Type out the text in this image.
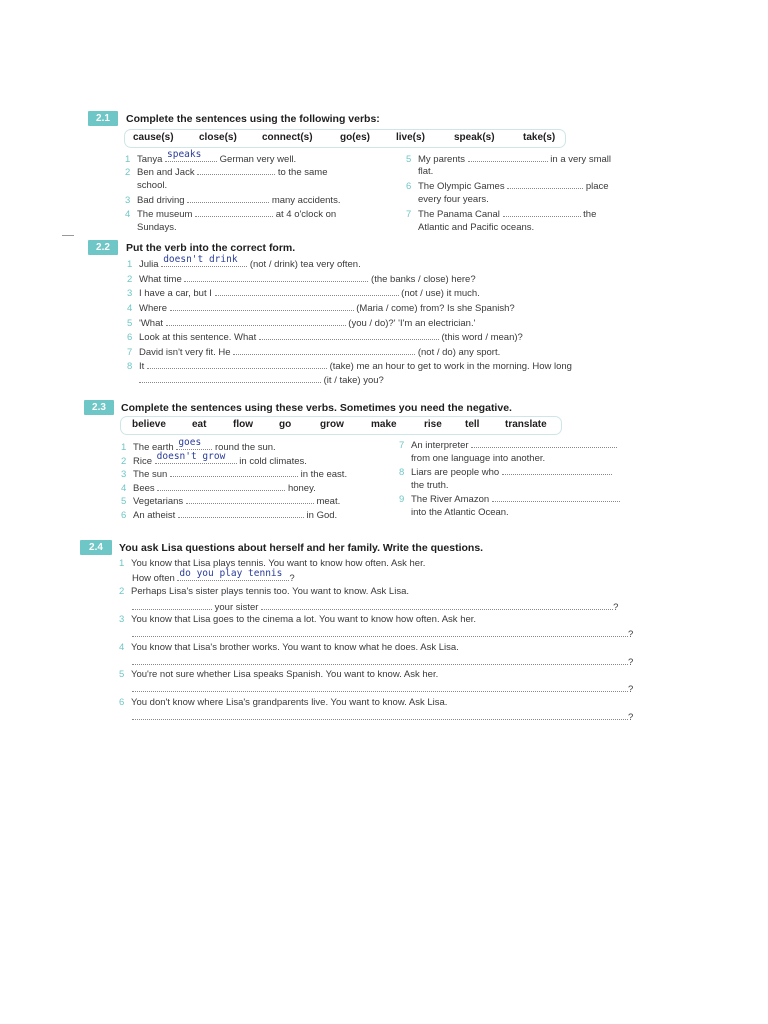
2.1	Complete the sentences using the following verbs:
cause(s)	close(s)	connect(s)	go(es)	live(s)	speak(s)	take(s)
1 Tanya speaks German very well.
2 Ben and Jack	to the same
school.
3 Bad driving	many accidents.
4 The museum	at 4 o'clock on
Sundays.
5 My parents	in a very small
flat.
6 The Olympic Games	place
every four years.
7 The Panama Canal	the
Atlantic and Pacific oceans.
2.2	Put the verb into the correct form.
1 Julia doesn't drink (not / drink) tea very often.
2 What time	(the banks / close) here?
3 I have a car, but I	(not / use) it much.
4 Where	(Maria / come) from? Is she Spanish?
5 'What	(you / do)?' 'I'm an electrician.'
6 Look at this sentence. What	(this word / mean)?
7 David isn't very fit. He	(not / do) any sport.
8 It	(take) me an hour to get to work in the morning. How long
(it / take) you?
2.3	Complete the sentences using these verbs. Sometimes you need the negative.
believe	eat	flow	go	grow	make	rise tell	translate
1 The earth goes round the sun.
2 Rice doesn't grow in cold climates.
3 The sun	in the east.
4 Bees	honey.
5 Vegetarians	meat.
6 An atheist	in God.
7 An interpreter
from one language into another.
8 Liars are people who
the truth.
9 The River Amazon
into the Atlantic Ocean.
2.4	You ask Lisa questions about herself and her family. Write the questions.
1 You know that Lisa plays tennis. You want to know how often. Ask her.
How often do you play tennis ?
2 Perhaps Lisa's sister plays tennis too. You want to know. Ask Lisa.
your sister	?
3 You know that Lisa goes to the cinema a lot. You want to know how often. Ask her.
?
4 You know that Lisa's brother works. You want to know what he does. Ask Lisa.
?
5 You're not sure whether Lisa speaks Spanish. You want to know. Ask her.
?
6 You don't know where Lisa's grandparents live. You want to know. Ask Lisa.
?
